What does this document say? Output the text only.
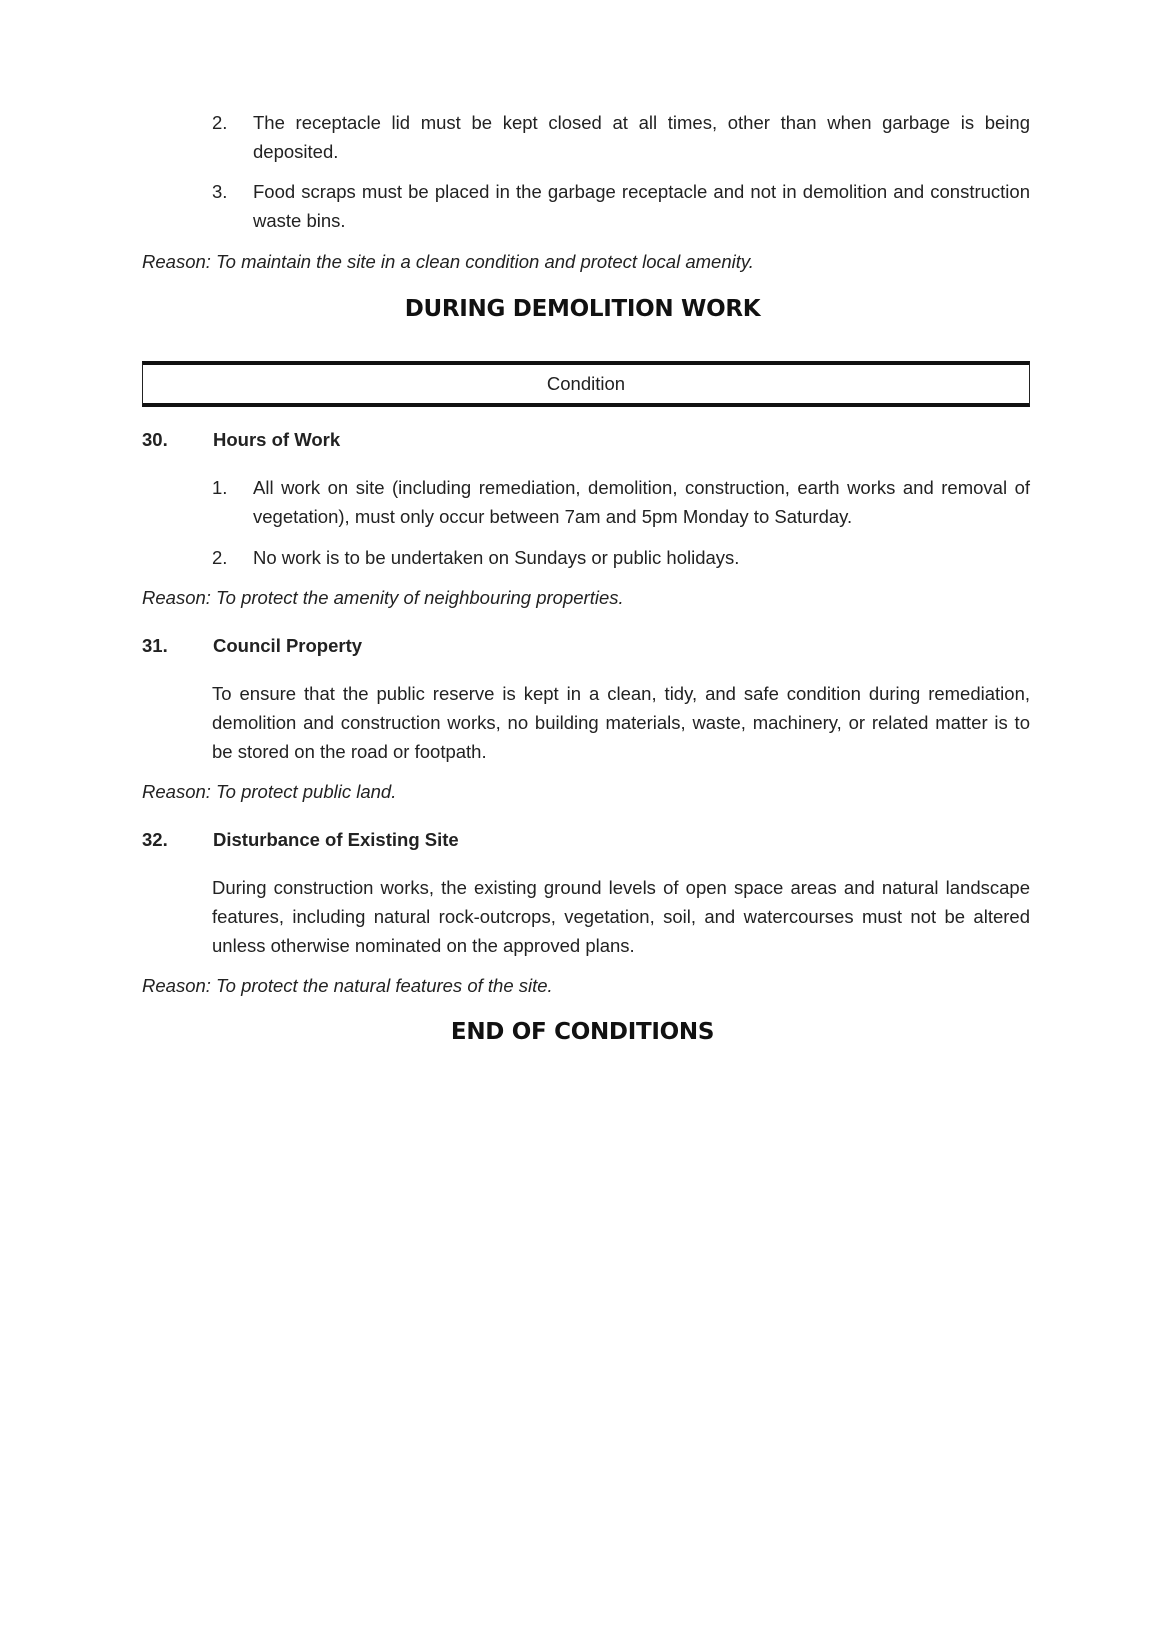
2. The receptacle lid must be kept closed at all times, other than when garbage is being deposited.
3. Food scraps must be placed in the garbage receptacle and not in demolition and construction waste bins.
Reason: To maintain the site in a clean condition and protect local amenity.
DURING DEMOLITION WORK
Condition
30. Hours of Work
1. All work on site (including remediation, demolition, construction, earth works and removal of vegetation), must only occur between 7am and 5pm Monday to Saturday.
2. No work is to be undertaken on Sundays or public holidays.
Reason: To protect the amenity of neighbouring properties.
31. Council Property
To ensure that the public reserve is kept in a clean, tidy, and safe condition during remediation, demolition and construction works, no building materials, waste, machinery, or related matter is to be stored on the road or footpath.
Reason: To protect public land.
32. Disturbance of Existing Site
During construction works, the existing ground levels of open space areas and natural landscape features, including natural rock-outcrops, vegetation, soil, and watercourses must not be altered unless otherwise nominated on the approved plans.
Reason: To protect the natural features of the site.
END OF CONDITIONS
